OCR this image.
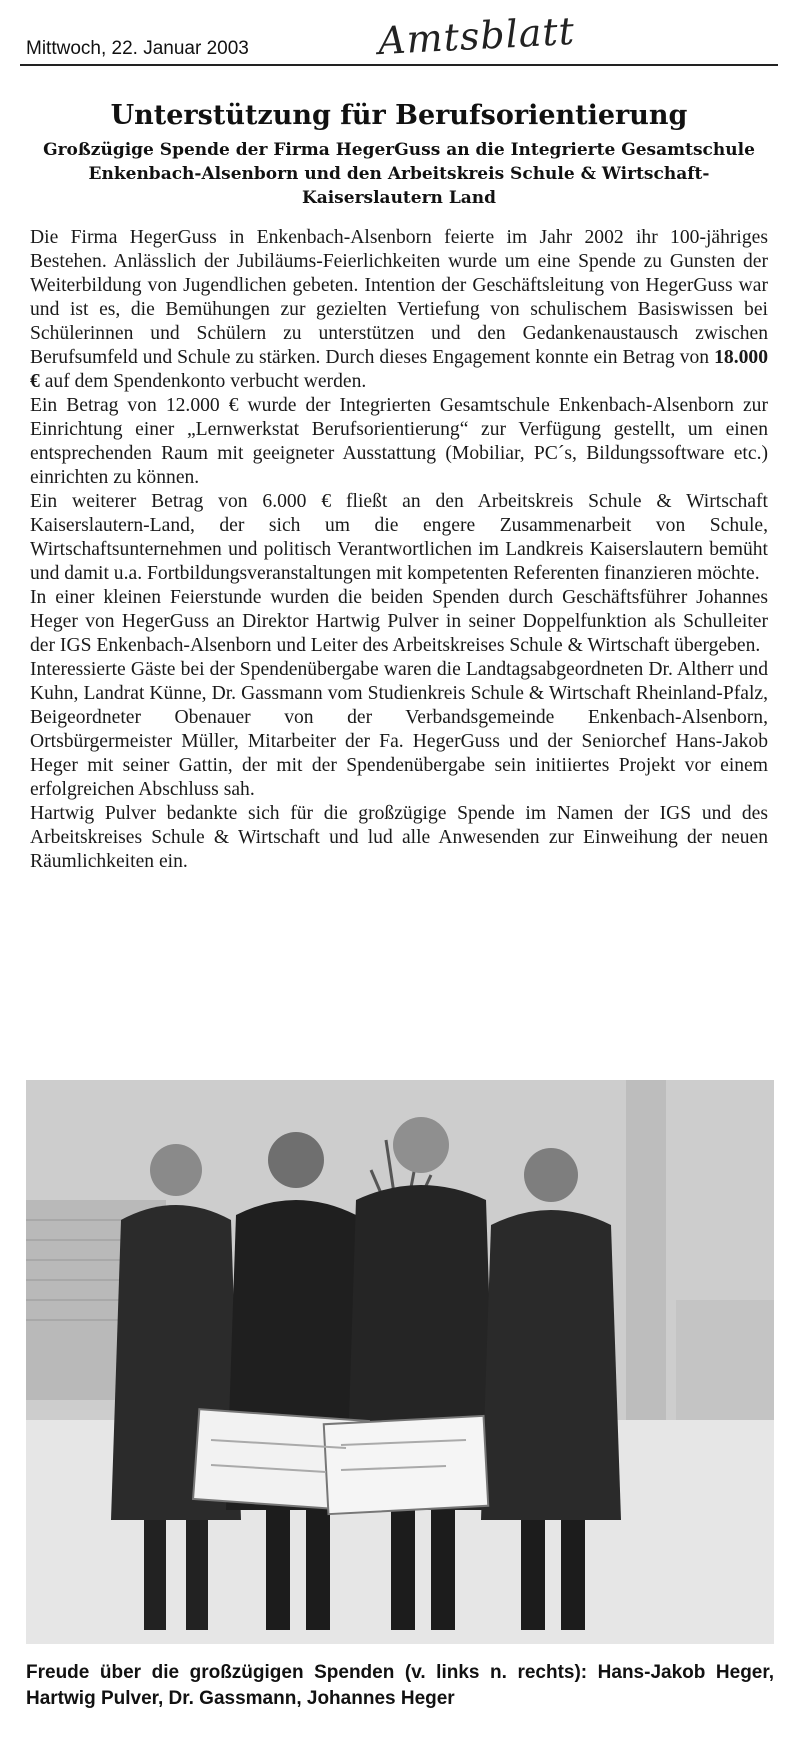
Mittwoch, 22. Januar 2003	Amtsblatt
Unterstützung für Berufsorientierung
Großzügige Spende der Firma HegerGuss an die Integrierte Gesamtschule Enkenbach-Alsenborn und den Arbeitskreis Schule & Wirtschaft-Kaiserslautern Land

Die Firma HegerGuss in Enkenbach-Alsenborn feierte im Jahr 2002 ihr 100-jähriges Bestehen. Anlässlich der Jubiläums-Feierlichkeiten wurde um eine Spende zu Gunsten der Weiterbildung von Jugendlichen gebeten. Intention der Geschäftsleitung von HegerGuss war und ist es, die Bemühungen zur gezielten Vertiefung von schulischem Basiswissen bei Schülerinnen und Schülern zu unterstützen und den Gedankenaustausch zwischen Berufsumfeld und Schule zu stärken. Durch dieses Engagement konnte ein Betrag von 18.000 € auf dem Spendenkonto verbucht werden.

Ein Betrag von 12.000 € wurde der Integrierten Gesamtschule Enkenbach-Alsenborn zur Einrichtung einer „Lernwerkstat Berufsorientierung“ zur Verfügung gestellt, um einen entsprechenden Raum mit geeigneter Ausstattung (Mobiliar, PC´s, Bildungssoftware etc.) einrichten zu können.

Ein weiterer Betrag von 6.000 € fließt an den Arbeitskreis Schule & Wirtschaft Kaiserslautern-Land, der sich um die engere Zusammenarbeit von Schule, Wirtschaftsunternehmen und politisch Verantwortlichen im Landkreis Kaiserslautern bemüht und damit u.a. Fortbildungsveranstaltungen mit kompetenten Referenten finanzieren möchte.

In einer kleinen Feierstunde wurden die beiden Spenden durch Geschäftsführer Johannes Heger von HegerGuss an Direktor Hartwig Pulver in seiner Doppelfunktion als Schulleiter der IGS Enkenbach-Alsenborn und Leiter des Arbeitskreises Schule & Wirtschaft übergeben.

Interessierte Gäste bei der Spendenübergabe waren die Landtagsabgeordneten Dr. Altherr und Kuhn, Landrat Künne, Dr. Gassmann vom Studienkreis Schule & Wirtschaft Rheinland-Pfalz, Beigeordneter Obenauer von der Verbandsgemeinde Enkenbach-Alsenborn, Ortsbürgermeister Müller, Mitarbeiter der Fa. HegerGuss und der Seniorchef Hans-Jakob Heger mit seiner Gattin, der mit der Spendenübergabe sein initiiertes Projekt vor einem erfolgreichen Abschluss sah.

Hartwig Pulver bedankte sich für die großzügige Spende im Namen der IGS und des Arbeitskreises Schule & Wirtschaft und lud alle Anwesenden zur Einweihung der neuen Räumlichkeiten ein.

Freude über die großzügigen Spenden (v. links n. rechts): Hans-Jakob Heger, Hartwig Pulver, Dr. Gassmann, Johannes Heger
